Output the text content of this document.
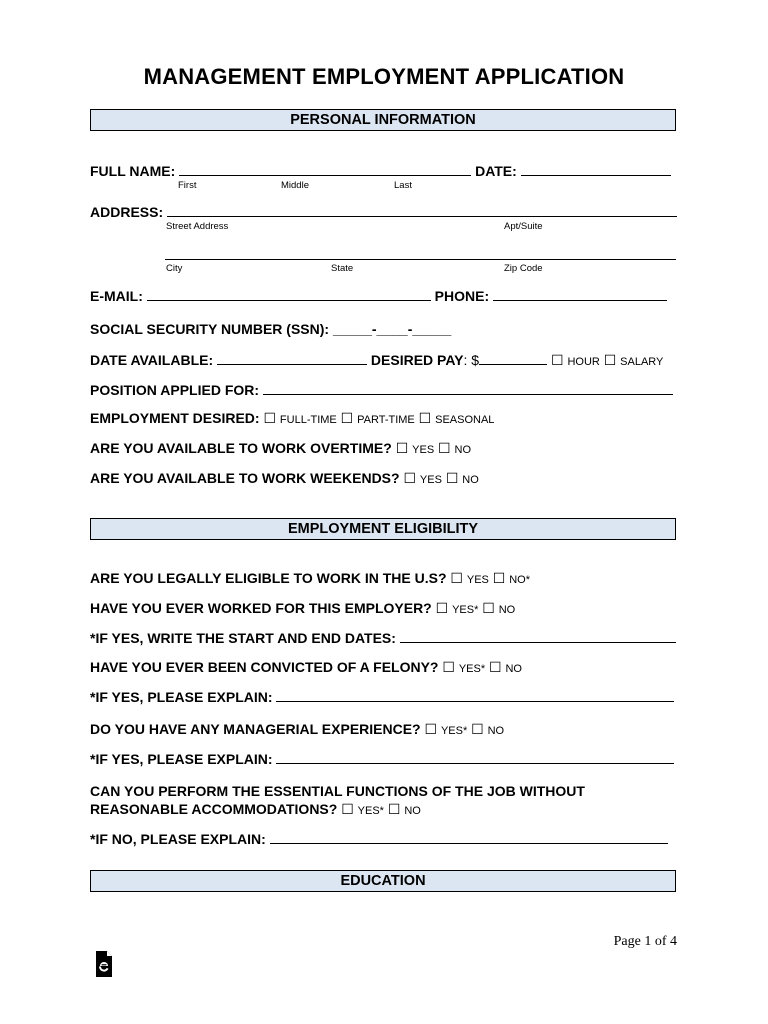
MANAGEMENT EMPLOYMENT APPLICATION
PERSONAL INFORMATION
FULL NAME:	DATE:
First	Middle	Last
ADDRESS:
Street Address	Apt/Suite
City	State	Zip Code
E-MAIL:	PHONE:
SOCIAL SECURITY NUMBER (SSN): _____-____-_____
DATE AVAILABLE:	DESIRED PAY: $	☐ HOUR ☐ SALARY
POSITION APPLIED FOR:
EMPLOYMENT DESIRED: ☐ FULL-TIME ☐ PART-TIME ☐ SEASONAL
ARE YOU AVAILABLE TO WORK OVERTIME? ☐ YES ☐ NO
ARE YOU AVAILABLE TO WORK WEEKENDS? ☐ YES ☐ NO
EMPLOYMENT ELIGIBILITY
ARE YOU LEGALLY ELIGIBLE TO WORK IN THE U.S? ☐ YES ☐ NO*
HAVE YOU EVER WORKED FOR THIS EMPLOYER? ☐ YES* ☐ NO
*IF YES, WRITE THE START AND END DATES:
HAVE YOU EVER BEEN CONVICTED OF A FELONY? ☐ YES* ☐ NO
*IF YES, PLEASE EXPLAIN:
DO YOU HAVE ANY MANAGERIAL EXPERIENCE? ☐ YES* ☐ NO
*IF YES, PLEASE EXPLAIN:
CAN YOU PERFORM THE ESSENTIAL FUNCTIONS OF THE JOB WITHOUT
REASONABLE ACCOMMODATIONS? ☐ YES* ☐ NO
*IF NO, PLEASE EXPLAIN:
EDUCATION
Page 1 of 4
